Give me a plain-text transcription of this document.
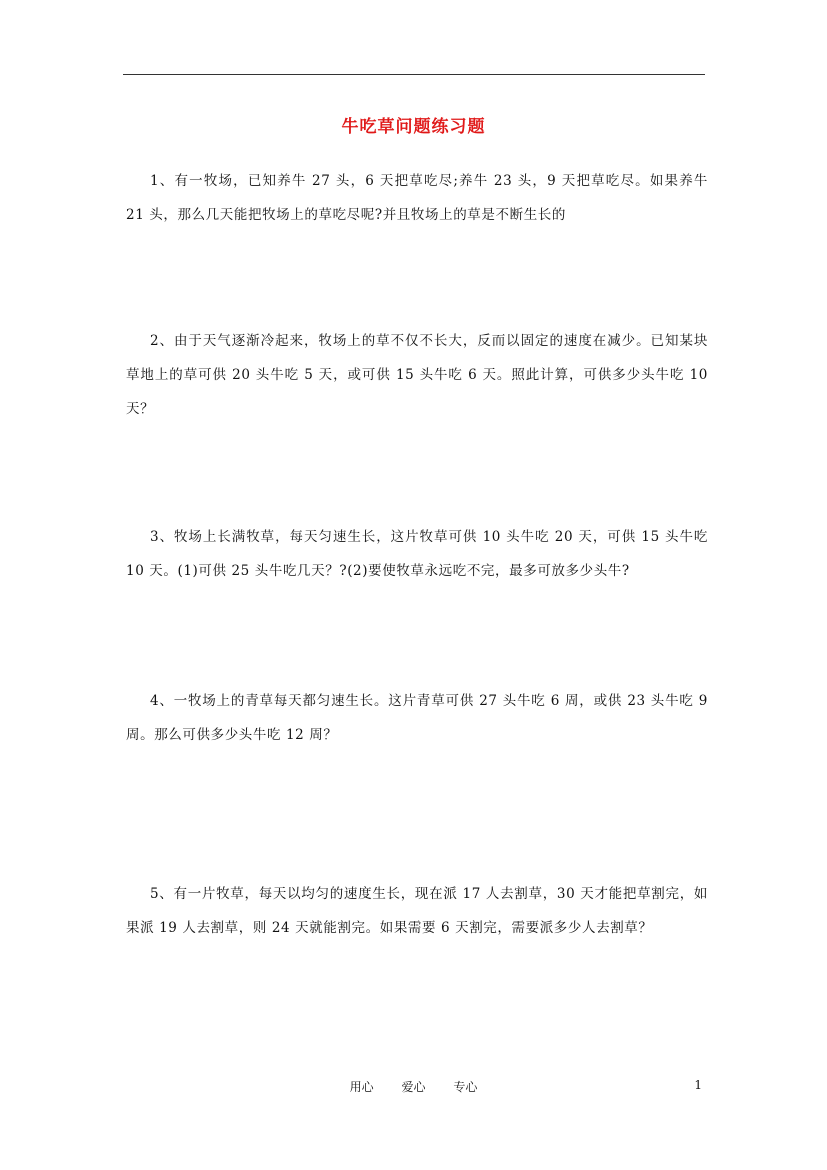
牛吃草问题练习题

1、有一牧场，已知养牛 27 头，6 天把草吃尽;养牛 23 头，9 天把草吃尽。如果养牛 21 头，那么几天能把牧场上的草吃尽呢?并且牧场上的草是不断生长的

2、由于天气逐渐冷起来，牧场上的草不仅不长大，反而以固定的速度在减少。已知某块草地上的草可供 20 头牛吃 5 天，或可供 15 头牛吃 6 天。照此计算，可供多少头牛吃 10 天？

3、牧场上长满牧草，每天匀速生长，这片牧草可供 10 头牛吃 20 天，可供 15 头牛吃 10 天。(1)可供 25 头牛吃几天？?(2)要使牧草永远吃不完，最多可放多少头牛?

4、一牧场上的青草每天都匀速生长。这片青草可供 27 头牛吃 6 周，或供 23 头牛吃 9 周。那么可供多少头牛吃 12 周？

5、有一片牧草，每天以均匀的速度生长，现在派 17 人去割草，30 天才能把草割完，如果派 19 人去割草，则 24 天就能割完。如果需要 6 天割完，需要派多少人去割草？

用心 爱心 专心	1
